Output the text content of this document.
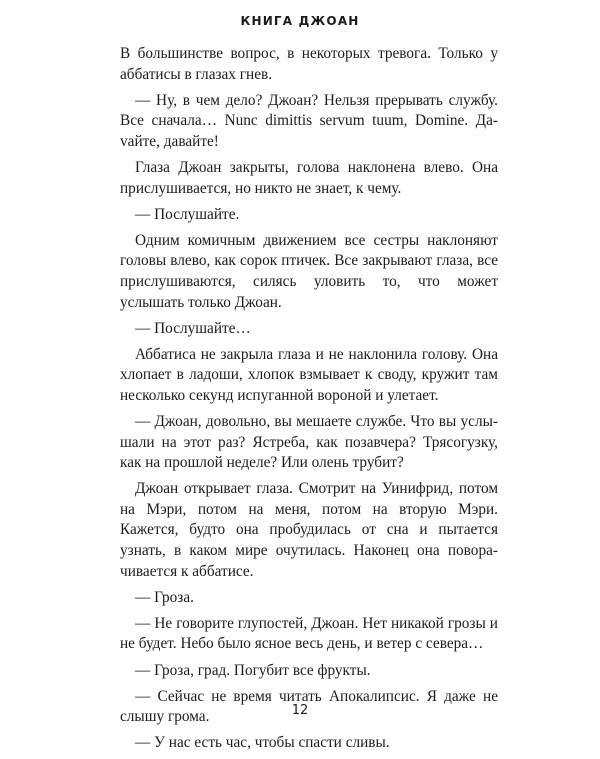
КНИГА ДЖОАН

В большинстве вопрос, в некоторых тревога. Только у аббатисы в глазах гнев.

— Ну, в чем дело? Джоан? Нельзя прерывать службу. Все сначала… Nunc dimittis servum tuum, Domine. Даvайте, давайте!

Глаза Джоан закрыты, голова наклонена влево. Она прислушивается, но никто не знает, к чему.

— Послушайте.

Одним комичным движением все сестры наклоняют головы влево, как сорок птичек. Все закрывают глаза, все прислушиваются, силясь уловить то, что может услышать только Джоан.

— Послушайте…

Аббатиса не закрыла глаза и не наклонила голову. Она хлопает в ладоши, хлопок взмывает к своду, кружит там несколько секунд испуганной вороной и улетает.

— Джоан, довольно, вы мешаете службе. Что вы услышали на этот раз? Ястреба, как позавчера? Трясогузку, как на прошлой неделе? Или олень трубит?

Джоан открывает глаза. Смотрит на Уинифрид, потом на Мэри, потом на меня, потом на вторую Мэри. Кажется, будто она пробудилась от сна и пытается узнать, в каком мире очутилась. Наконец она поворачивается к аббатисе.

— Гроза.

— Не говорите глупостей, Джоан. Нет никакой грозы и не будет. Небо было ясное весь день, и ветер с севера…

— Гроза, град. Погубит все фрукты.

— Сейчас не время читать Апокалипсис. Я даже не слышу грома.

— У нас есть час, чтобы спасти сливы.

12
